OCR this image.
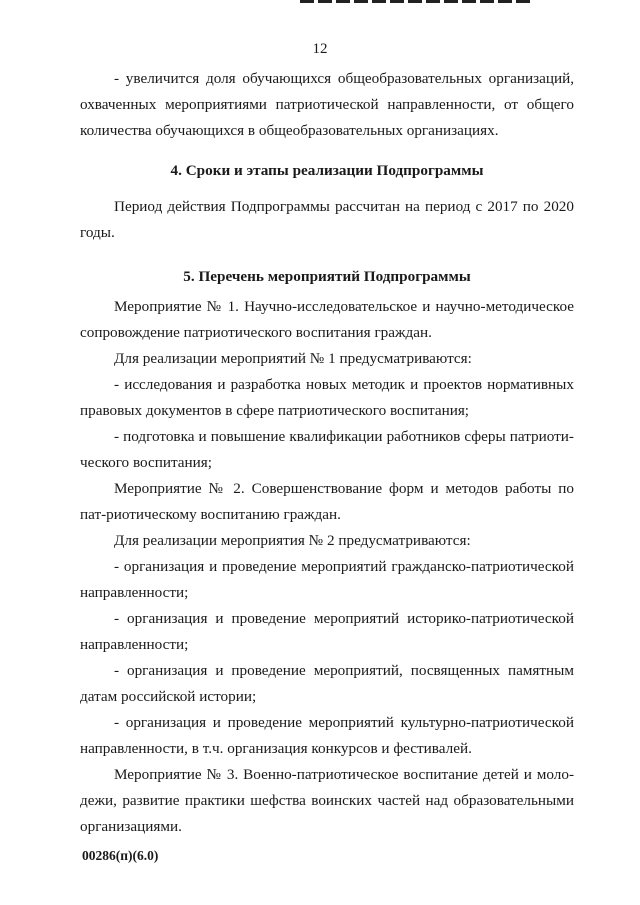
12

- увеличится доля обучающихся общеобразовательных организаций, охваченных мероприятиями патриотической направленности, от общего количества обучающихся в общеобразовательных организациях.

4. Сроки и этапы реализации Подпрограммы

Период действия Подпрограммы рассчитан на период с 2017 по 2020 годы.

5. Перечень мероприятий Подпрограммы

Мероприятие № 1. Научно-исследовательское и научно-методическое сопровождение патриотического воспитания граждан.

Для реализации мероприятий № 1 предусматриваются:

- исследования и разработка новых методик и проектов нормативных правовых документов в сфере патриотического воспитания;

- подготовка и повышение квалификации работников сферы патриоти-ческого воспитания;

Мероприятие № 2. Совершенствование форм и методов работы по пат-риотическому воспитанию граждан.

Для реализации мероприятия № 2 предусматриваются:

- организация и проведение мероприятий гражданско-патриотической направленности;

- организация и проведение мероприятий историко-патриотической направленности;

- организация и проведение мероприятий, посвященных памятным датам российской истории;

- организация и проведение мероприятий культурно-патриотической направленности, в т.ч. организация конкурсов и фестивалей.

Мероприятие № 3. Военно-патриотическое воспитание детей и моло-дежи, развитие практики шефства воинских частей над образовательными организациями.

00286(п)(6.0)
